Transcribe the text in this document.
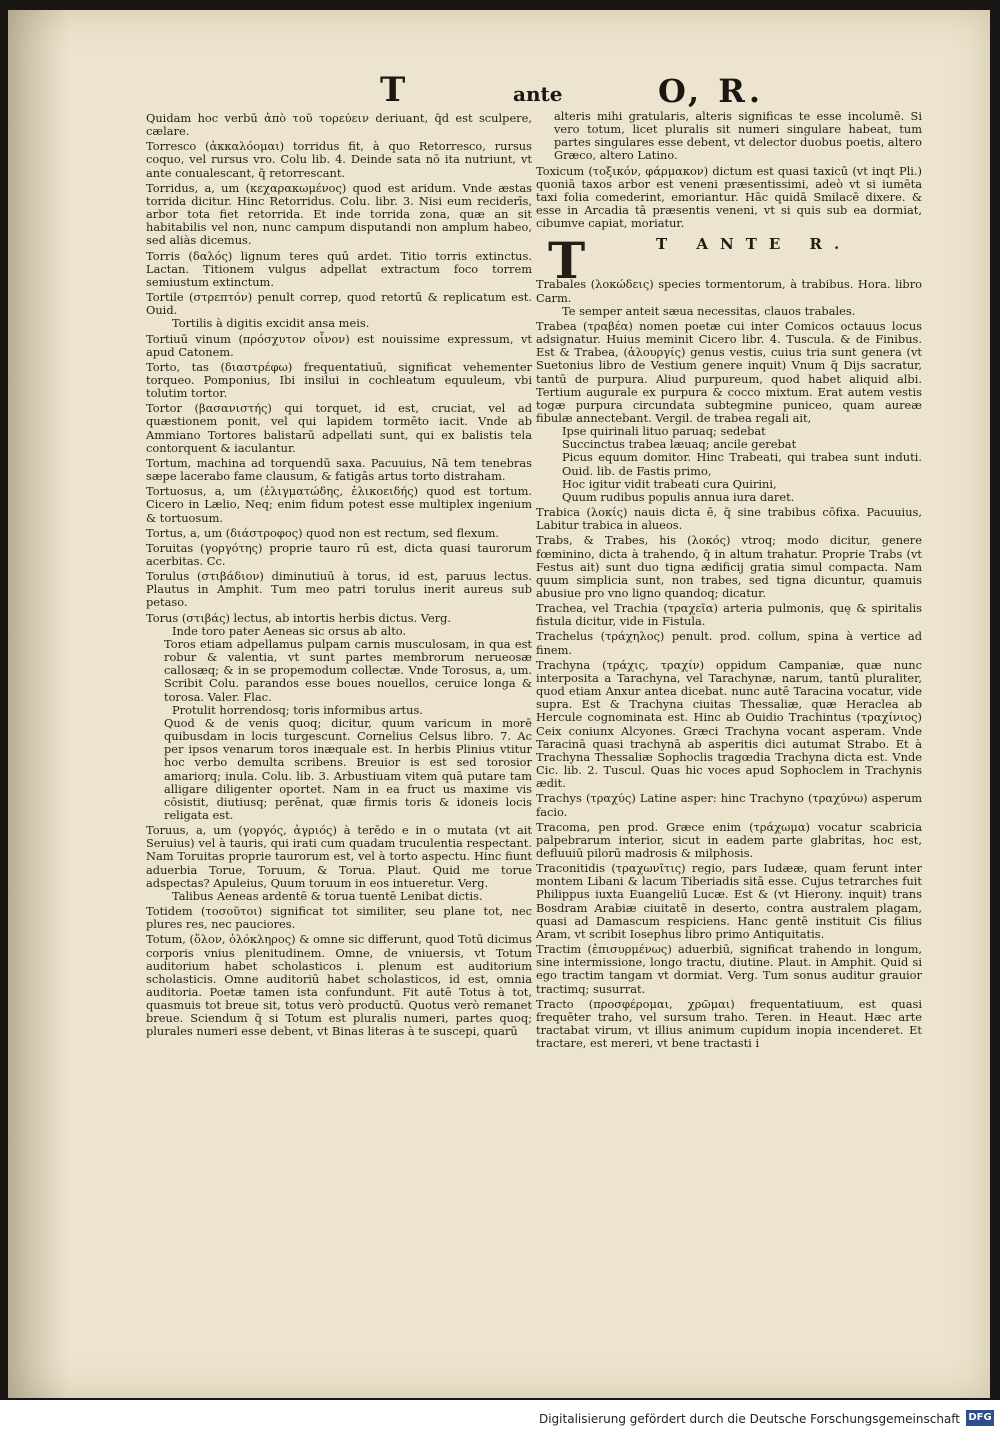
T	ante	O, R.

Quidam hoc verbū ἀπὸ τοῦ τορεύειν deriuant, q̄d est sculpere, cælare.

Torresco (ἀκκαλόομαι) torridus fit, à quo Retorresco, rursus coquo, vel rursus vro. Colu lib. 4. Deinde sata nō ita nutriunt, vt ante conualescant, q̄ retorrescant.

Torridus, a, um (κεχαρακωμένος) quod est aridum. Vnde æstas torrida dicitur. Hinc Retorridus. Colu. libr. 3. Nisi eum reciderīs, arbor tota fiet retorrida. Et inde torrida zona, quæ an sit habitabilis vel non, nunc campum disputandi non amplum habeo, sed aliàs dicemus.

Torris (δαλός) lignum teres quū ardet. Titio torris extinctus. Lactan. Titionem vulgus adpellat extractum foco torrem semiustum extinctum.

Tortile (στρεπτόν) penult correp, quod retortū & replicatum est. Ouid.

Tortilis à digitis excidit ansa meis.

Tortiuū vinum (πρόσχυτον οἶνον) est nouissime expressum, vt apud Catonem.

Torto, tas (διαστρέφω) frequentatiuū, significat vehementer torqueo. Pomponius, Ibi insilui in cochleatum equuleum, vbi tolutim tortor.

Tortor (βασανιστής) qui torquet, id est, cruciat, vel ad quæstionem ponit, vel qui lapidem tormēto iacit. Vnde ab Ammiano Tortores balistarū adpellati sunt, qui ex balistis tela contorquent & iaculantur.

Tortum, machina ad torquendū saxa. Pacuuius, Nā tem tenebras sæpe lacerabo fame clausum, & fatigās artus torto distraham.

Tortuosus, a, um (ἑλιγματώδης, ἑλικοειδής) quod est tortum. Cicero in Lælio, Neq; enim fidum potest esse multiplex ingenium & tortuosum.

Tortus, a, um (διάστροφος) quod non est rectum, sed flexum.

Toruitas (γοργότης) proprie tauro rū est, dicta quasi taurorum acerbitas. Cc.

Torulus (στιβάδιον) diminutiuū à torus, id est, paruus lectus. Plautus in Amphit. Tum meo patri torulus inerit aureus sub petaso.

Torus (στιβάς) lectus, ab intortis herbis dictus. Verg.

Inde toro pater Aeneas sic orsus ab alto.

Toros etiam adpellamus pulpam carnis musculosam, in qua est robur & valentia, vt sunt partes membrorum nerueosæ callosæq; & in se propemodum collectæ. Vnde Torosus, a, um. Scribit Colu. parandos esse boues nouellos, ceruice longa & torosa. Valer. Flac.

Protulit horrendosq; toris informibus artus.

Quod & de venis quoq; dicitur, quum varicum in morē quibusdam in locis turgescunt. Cornelius Celsus libro. 7. Ac per ipsos venarum toros inæquale est. In herbis Plinius vtitur hoc verbo demulta scribens. Breuior is est sed torosior amariorq; inula. Colu. lib. 3. Arbustiuam vitem quā putare tam alligare diligenter oportet. Nam in ea fruct us maxime vis cōsistit, diutiusq; perēnat, quæ firmis toris & idoneis locis religata est.

Toruus, a, um (γοργός, ἀγριός) à terēdo e in o mutata (vt ait Seruius) vel à tauris, qui irati cum quadam truculentia respectant. Nam Toruitas proprie taurorum est, vel à torto aspectu. Hinc fiunt aduerbia Torue, Toruum, & Torua. Plaut. Quid me torue adspectas? Apuleius, Quum toruum in eos intueretur. Verg.

Talibus Aeneas ardentē & torua tuentē Lenibat dictis.

Totidem (τοσοῦτοι) significat tot similiter, seu plane tot, nec plures res, nec pauciores.

Totum, (ὅλον, ὁλόκληρος) & omne sic differunt, quod Totū dicimus corporis vnius plenitudinem. Omne, de vniuersis, vt Totum auditorium habet scholasticos i. plenum est auditorium scholasticis. Omne auditoriū habet scholasticos, id est, omnia auditoria. Poetæ tamen ista confundunt. Fit autē Totus à tot, quasmuis tot breue sit, totus verò productū. Quotus verò remanet breue. Sciendum q̄ si Totum est pluralis numeri, partes quoq; plurales numeri esse debent, vt Binas literas à te suscepi, quarū

alteris mihi gratularis, alteris significas te esse incolumē. Si vero totum, licet pluralis sit numeri singulare habeat, tum partes singulares esse debent, vt delector duobus poetis, altero Græco, altero Latino.

Toxicum (τοξικόν, φάρμακον) dictum est quasi taxicū (vt inqt Pli.) quoniā taxos arbor est veneni præsentissimi, adeò vt si iumēta taxi folia comederint, emoriantur. Hāc quidā Smilacē dixere. & esse in Arcadia tā præsentis veneni, vt si quis sub ea dormiat, cibumve capiat, moriatur.

T	T ANTE R.

Trabales (λοκώδεις) species tormentorum, à trabibus. Hora. libro Carm.

Te semper anteit sæua necessitas, clauos trabales.

Trabea (τραβέα) nomen poetæ cui inter Comicos octauus locus adsignatur. Huius meminit Cicero libr. 4. Tuscula. & de Finibus. Est & Trabea, (ἁλουργίς) genus vestis, cuius tria sunt genera (vt Suetonius libro de Vestium genere inquit) Vnum q̄ Dijs sacratur, tantū de purpura. Aliud purpureum, quod habet aliquid albi. Tertium augurale ex purpura & cocco mixtum. Erat autem vestis togæ purpura circundata subtegmine puniceo, quam aureæ fibulæ annectebant. Vergil. de trabea regali ait,

Ipse quirinali lituo paruaq; sedebat

Succinctus trabea læuaq; ancile gerebat

Picus equum domitor. Hinc Trabeati, qui trabea sunt induti. Ouid. lib. de Fastis primo,

Hoc igitur vidit trabeati cura Quirini,

Quum rudibus populis annua iura daret.

Trabica (λοκίς) nauis dicta ē, q̄ sine trabibus cōfixa. Pacuuius, Labitur trabica in alueos.

Trabs, & Trabes, his (λοκός) vtroq; modo dicitur, genere fœminino, dicta à trahendo, q̄ in altum trahatur. Proprie Trabs (vt Festus ait) sunt duo tigna ædificij gratia simul compacta. Nam quum simplicia sunt, non trabes, sed tigna dicuntur, quamuis abusiue pro vno ligno quandoq; dicatur.

Trachea, vel Trachia (τραχεῖα) arteria pulmonis, quę & spiritalis fistula dicitur, vide in Fistula.

Trachelus (τράχηλος) penult. prod. collum, spina à vertice ad finem.

Trachyna (τράχις, τραχίν) oppidum Campaniæ, quæ nunc interposita a Tarachyna, vel Tarachynæ, narum, tantū pluraliter, quod etiam Anxur antea dicebat. nunc autē Taracina vocatur, vide supra. Est & Trachyna ciuitas Thessaliæ, quæ Heraclea ab Hercule cognominata est. Hinc ab Ouidio Trachintus (τραχίνιος) Ceix coniunx Alcyones. Græci Trachyna vocant asperam. Vnde Taracinā quasi trachynā ab asperitis dici autumat Strabo. Et à Trachyna Thessaliæ Sophoclis tragœdia Trachyna dicta est. Vnde Cic. lib. 2. Tuscul. Quas hic voces apud Sophoclem in Trachynis ædit.

Trachys (τραχύς) Latine asper: hinc Trachyno (τραχύνω) asperum facio.

Tracoma, pen prod. Græce enim (τράχωμα) vocatur scabricia palpebrarum interior, sicut in eadem parte glabritas, hoc est, defluuiū pilorū madrosis & milphosis.

Traconitidis (τραχωνῖτις) regio, pars Iudææ, quam ferunt inter montem Libani & lacum Tiberiadis sitā esse. Cujus tetrarches fuit Philippus iuxta Euangeliū Lucæ. Est & (vt Hierony. inquit) trans Bosdram Arabiæ ciuitatē in deserto, contra australem plagam, quasi ad Damascum respiciens. Hanc gentē instituit Cis filius Aram, vt scribit Iosephus libro primo Antiquitatis.

Tractim (ἐπισυρμένως) aduerbiū, significat trahendo in longum, sine intermissione, longo tractu, diutine. Plaut. in Amphit. Quid si ego tractim tangam vt dormiat. Verg. Tum sonus auditur grauior tractimq; susurrat.

Tracto (προσφέρομαι, χρῶμαι) frequentatiuum, est quasi frequēter traho, vel sursum traho. Teren. in Heaut. Hæc arte tractabat virum, vt illius animum cupidum inopia incenderet. Et tractare, est mereri, vt bene tractasti i

Digitalisierung gefördert durch die Deutsche Forschungsgemeinschaft DFG
